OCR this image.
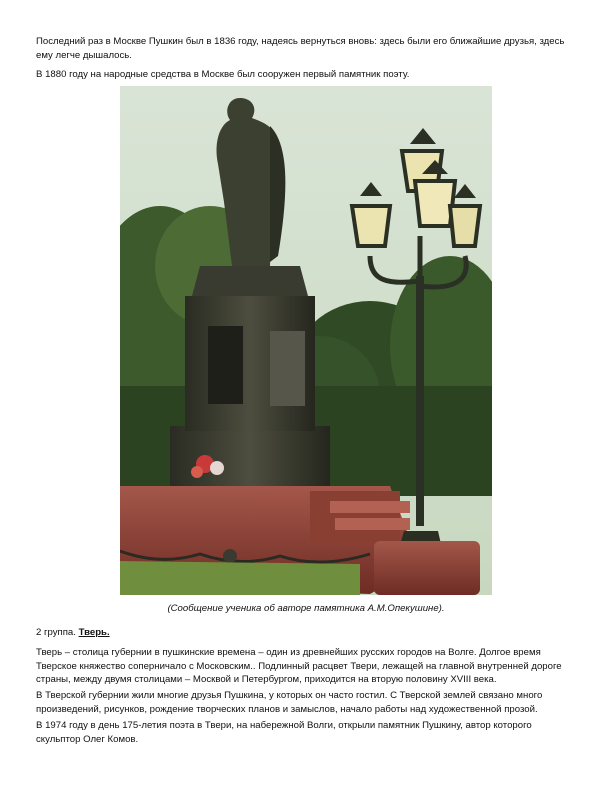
Последний раз в Москве Пушкин был в 1836 году, надеясь вернуться вновь: здесь были его ближайшие друзья, здесь ему легче дышалось.

В 1880 году на народные средства в Москве был сооружен первый памятник поэту.

(Сообщение ученика об авторе памятника А.М.Опекушине).

2 группа. Тверь.

Тверь – столица губернии в пушкинские времена – один из древнейших русских городов на Волге. Долгое время Тверское княжество соперничало с Московским.. Подлинный расцвет Твери, лежащей на главной внутренней дороге страны, между двумя столицами – Москвой и Петербургом, приходится на вторую половину XVIII века.

В Тверской губернии жили многие друзья Пушкина, у которых он часто гостил. С Тверской землей связано много произведений, рисунков, рождение творческих планов и замыслов, начало работы над художественной прозой.

В 1974 году в день 175-летия поэта в Твери, на набережной Волги, открыли памятник Пушкину, автор которого скульптор Олег Комов.
